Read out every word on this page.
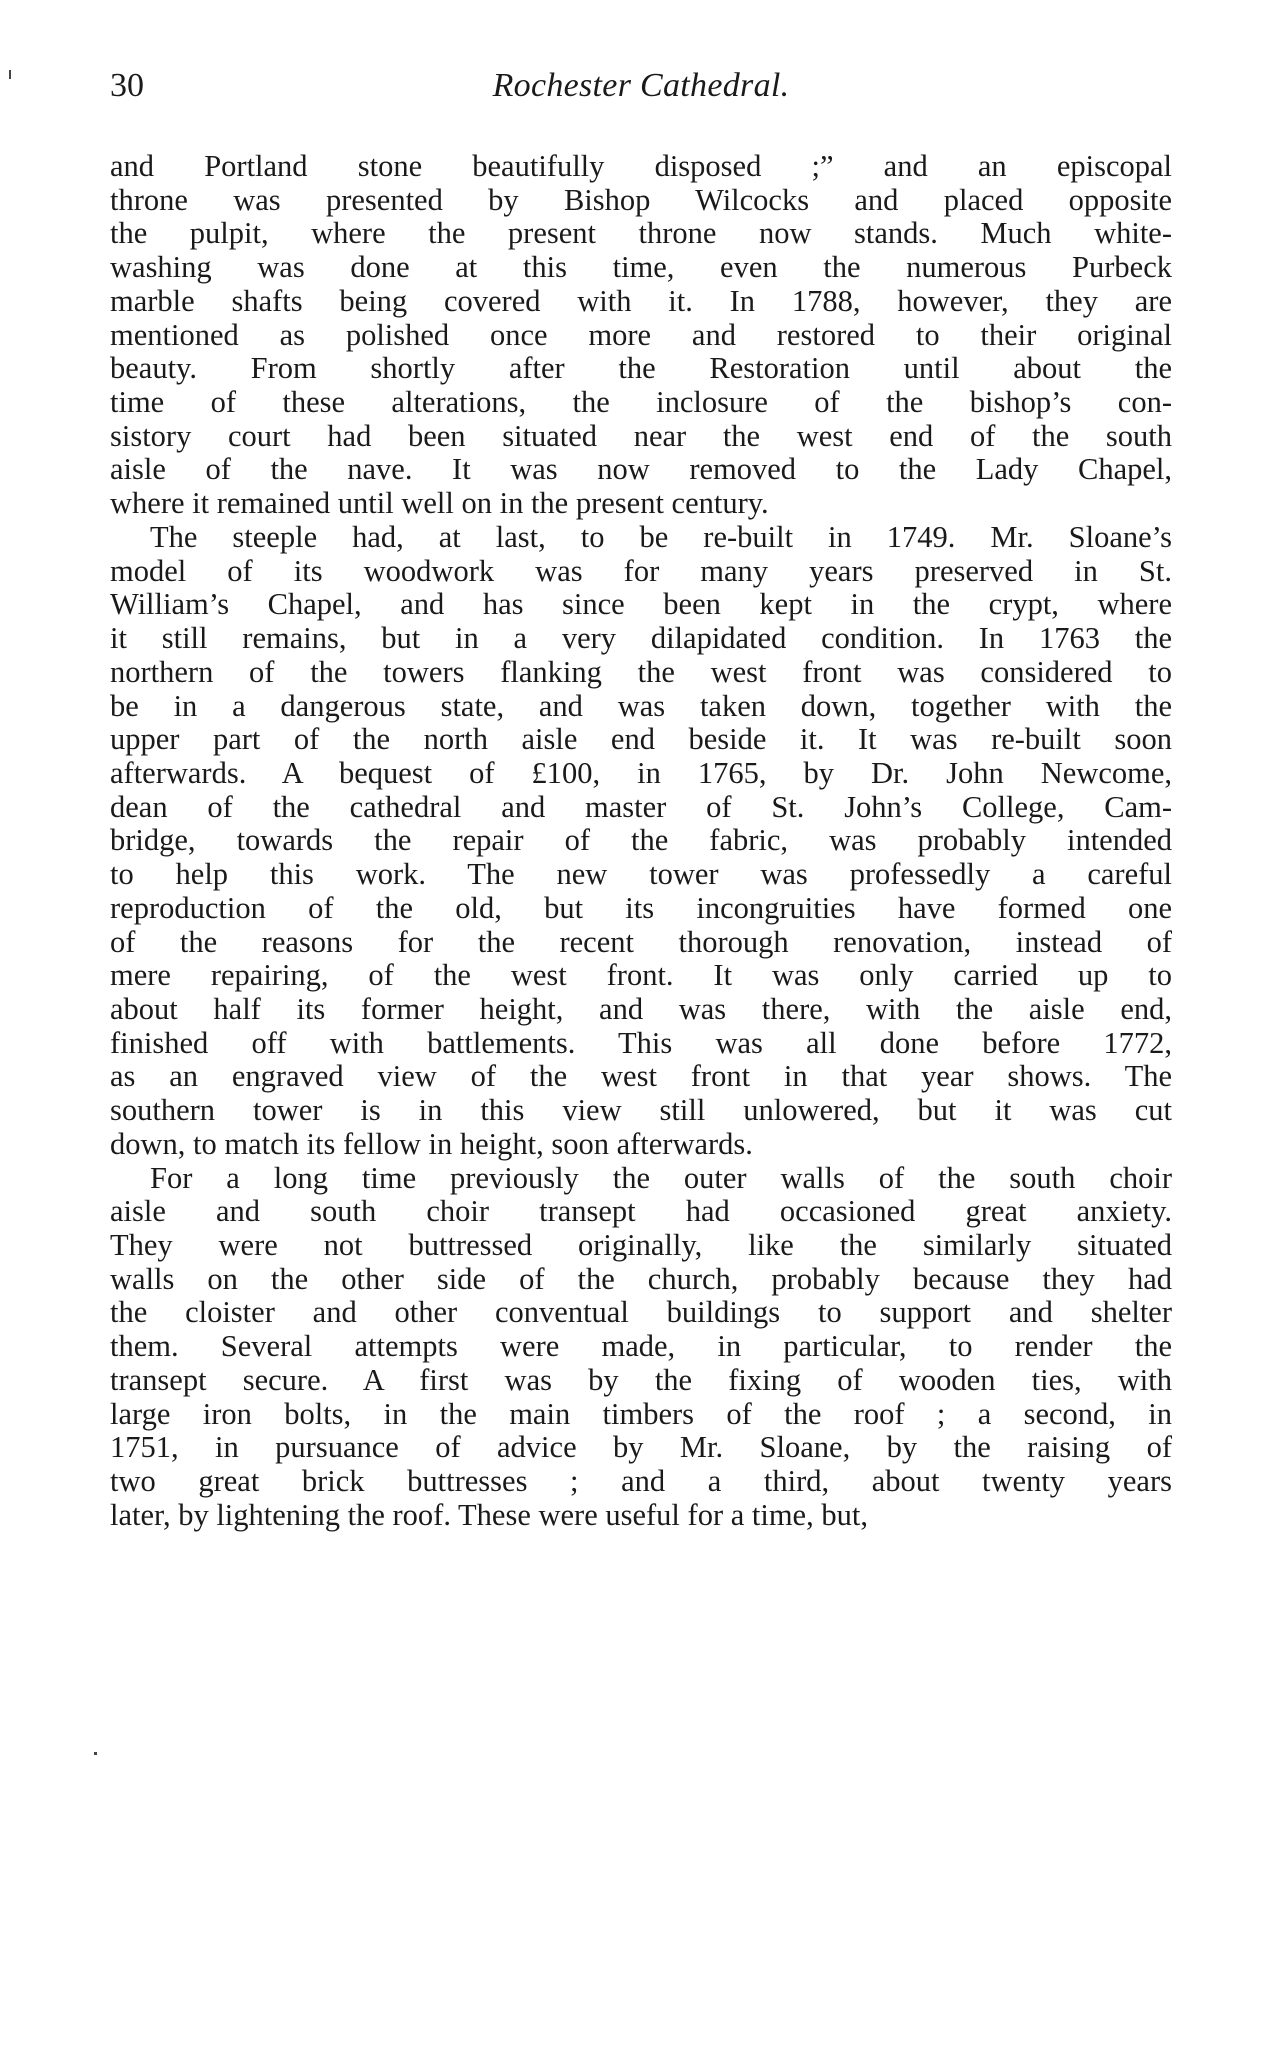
30	Rochester Cathedral.
and Portland stone beautifully disposed ;” and an episcopal
throne was presented by Bishop Wilcocks and placed opposite
the pulpit, where the present throne now stands. Much white-
washing was done at this time, even the numerous Purbeck
marble shafts being covered with it. In 1788, however, they are
mentioned as polished once more and restored to their original
beauty. From shortly after the Restoration until about the
time of these alterations, the inclosure of the bishop’s con-
sistory court had been situated near the west end of the south
aisle of the nave. It was now removed to the Lady Chapel,
where it remained until well on in the present century.
The steeple had, at last, to be re-built in 1749. Mr. Sloane’s
model of its woodwork was for many years preserved in St.
William’s Chapel, and has since been kept in the crypt, where
it still remains, but in a very dilapidated condition. In 1763 the
northern of the towers flanking the west front was considered to
be in a dangerous state, and was taken down, together with the
upper part of the north aisle end beside it. It was re-built soon
afterwards. A bequest of £100, in 1765, by Dr. John Newcome,
dean of the cathedral and master of St. John’s College, Cam-
bridge, towards the repair of the fabric, was probably intended
to help this work. The new tower was professedly a careful
reproduction of the old, but its incongruities have formed one
of the reasons for the recent thorough renovation, instead of
mere repairing, of the west front. It was only carried up to
about half its former height, and was there, with the aisle end,
finished off with battlements. This was all done before 1772,
as an engraved view of the west front in that year shows. The
southern tower is in this view still unlowered, but it was cut
down, to match its fellow in height, soon afterwards.
For a long time previously the outer walls of the south choir
aisle and south choir transept had occasioned great anxiety.
They were not buttressed originally, like the similarly situated
walls on the other side of the church, probably because they had
the cloister and other conventual buildings to support and shelter
them. Several attempts were made, in particular, to render the
transept secure. A first was by the fixing of wooden ties, with
large iron bolts, in the main timbers of the roof ; a second, in
1751, in pursuance of advice by Mr. Sloane, by the raising of
two great brick buttresses ; and a third, about twenty years
later, by lightening the roof. These were useful for a time, but,
